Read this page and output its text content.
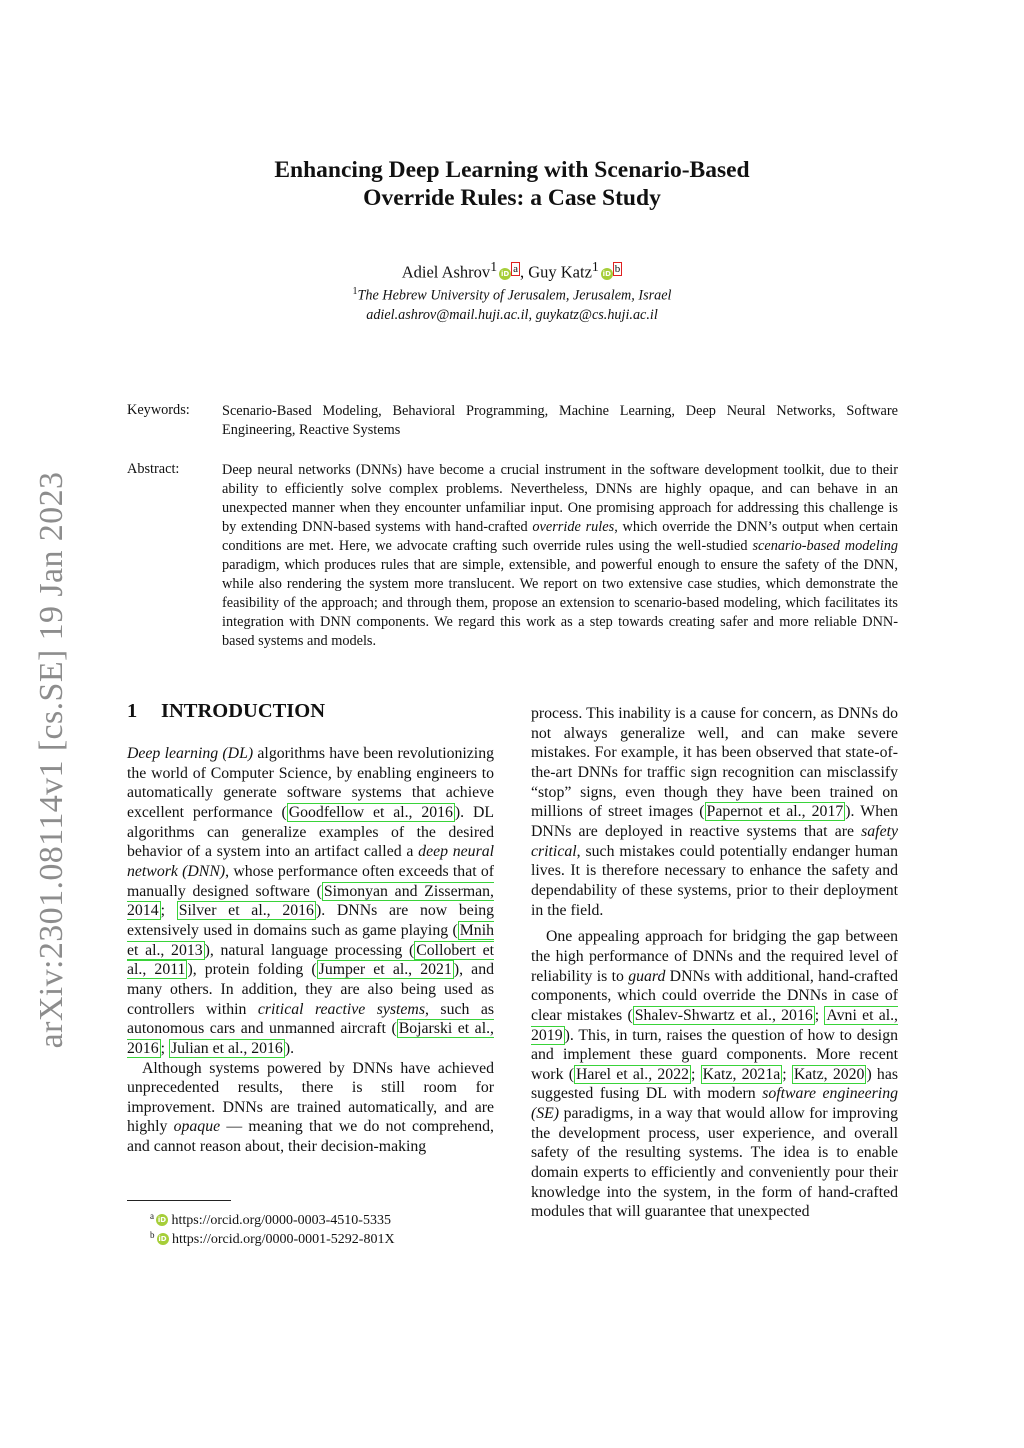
arXiv:2301.08114v1 [cs.SE] 19 Jan 2023
Enhancing Deep Learning with Scenario-Based
Override Rules: a Case Study
Adiel Ashrov$^1$ iD $^a$ , Guy Katz$^1$ iD $^b$
$^1$The Hebrew University of Jerusalem, Jerusalem, Israel
adiel.ashrov@mail.huji.ac.il, guykatz@cs.huji.ac.il
Keywords: Scenario-Based Modeling, Behavioral Programming, Machine Learning, Deep Neural Networks, Software Engineering, Reactive Systems
Abstract:	Deep neural networks (DNNs) have become a crucial instrument in the software development toolkit, due to their ability to efficiently solve complex problems. Nevertheless, DNNs are highly opaque, and can behave in an unexpected manner when they encounter unfamiliar input. One promising approach for addressing this challenge is by extending DNN-based systems with hand-crafted override rules, which override the DNN’s output when certain conditions are met. Here, we advocate crafting such override rules using the well-studied scenario-based modeling paradigm, which produces rules that are simple, extensible, and powerful enough to ensure the safety of the DNN, while also rendering the system more translucent. We report on two extensive case studies, which demonstrate the feasibility of the approach; and through them, propose an extension to scenario-based modeling, which facilitates its integration with DNN components. We regard this work as a step towards creating safer and more reliable DNN-based systems and models.

1 INTRODUCTION

Deep learning (DL) algorithms have been revolutionizing the world of Computer Science, by enabling engineers to automatically generate software systems that achieve excellent performance ( Goodfellow et al., 2016 ). DL algorithms can generalize examples of the desired behavior of a system into an artifact called a deep neural network (DNN), whose performance often exceeds that of manually designed software ( Simonyan and Zisserman, 2014 ; Silver et al., 2016 ). DNNs are now being extensively used in domains such as game playing ( Mnih et al., 2013 ), natural language processing ( Collobert et al., 2011 ), protein folding ( Jumper et al., 2021 ), and many others. In addition, they are also being used as controllers within critical reactive systems, such as autonomous cars and unmanned aircraft ( Bojarski et al., 2016 ; Julian et al., 2016 ).

Although systems powered by DNNs have achieved unprecedented results, there is still room for improvement. DNNs are trained automatically, and are highly opaque — meaning that we do not comprehend, and cannot reason about, their decision-making

process. This inability is a cause for concern, as DNNs do not always generalize well, and can make severe mistakes. For example, it has been observed that state-of-the-art DNNs for traffic sign recognition can misclassify “stop” signs, even though they have been trained on millions of street images ( Papernot et al., 2017 ). When DNNs are deployed in reactive systems that are safety critical, such mistakes could potentially endanger human lives. It is therefore necessary to enhance the safety and dependability of these systems, prior to their deployment in the field.

One appealing approach for bridging the gap between the high performance of DNNs and the required level of reliability is to guard DNNs with additional, hand-crafted components, which could override the DNNs in case of clear mistakes ( Shalev-Shwartz et al., 2016 ; Avni et al., 2019 ). This, in turn, raises the question of how to design and implement these guard components. More recent work ( Harel et al., 2022 ; Katz, 2021a ; Katz, 2020 ) has suggested fusing DL with modern software engineering (SE) paradigms, in a way that would allow for improving the development process, user experience, and overall safety of the resulting systems. The idea is to enable domain experts to efficiently and conveniently pour their knowledge into the system, in the form of hand-crafted modules that will guarantee that unexpected

$^a$ iD https://orcid.org/0000-0003-4510-5335
$^b$ iD https://orcid.org/0000-0001-5292-801X
